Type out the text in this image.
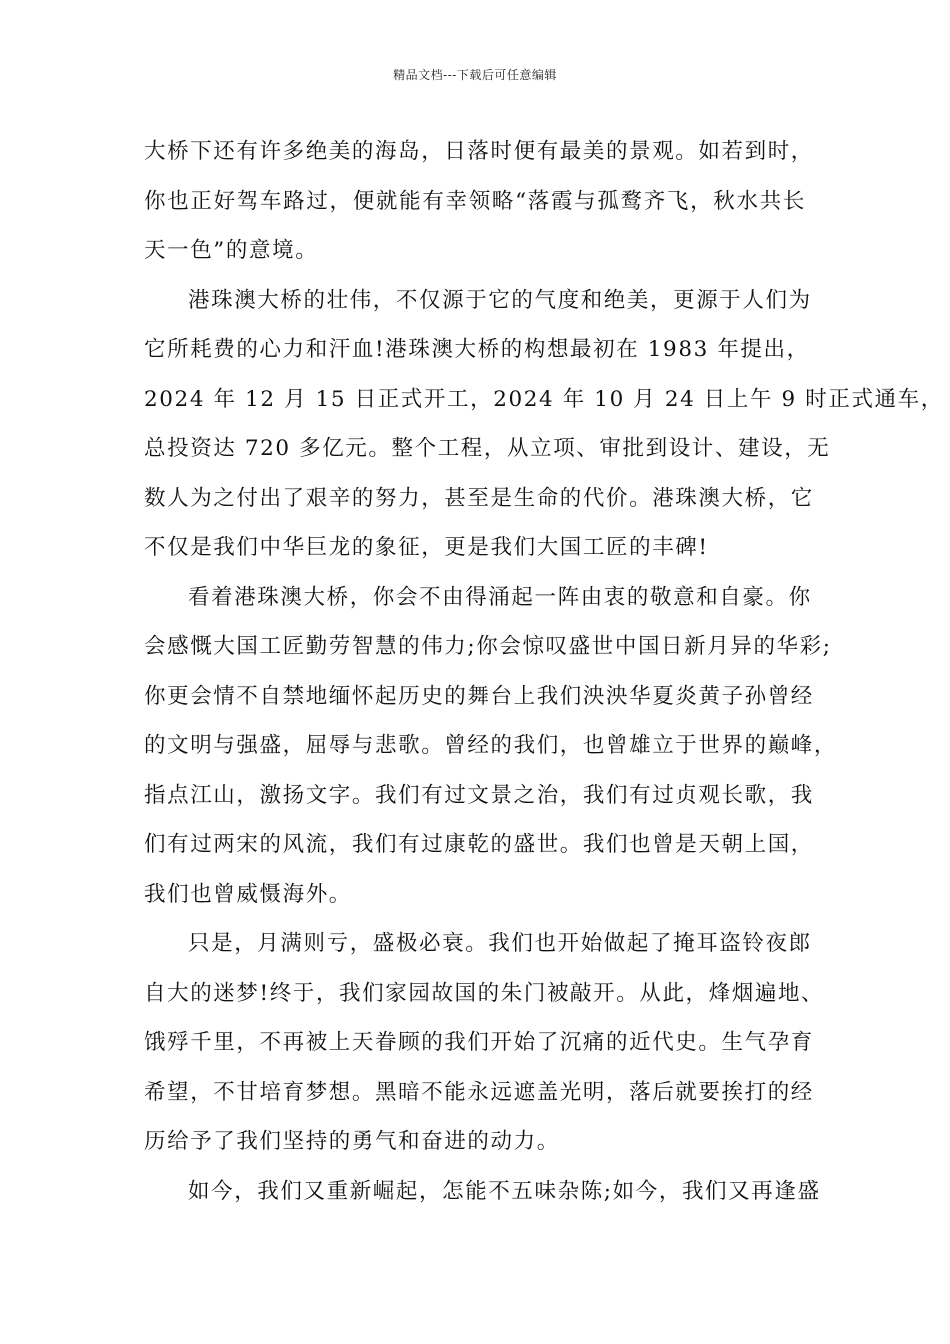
精品文档---下载后可任意编辑
大桥下还有许多绝美的海岛，日落时便有最美的景观。如若到时，
你也正好驾车路过，便就能有幸领略“落霞与孤鹜齐飞，秋水共长
天一色”的意境。
港珠澳大桥的壮伟，不仅源于它的气度和绝美，更源于人们为
它所耗费的心力和汗血!港珠澳大桥的构想最初在 1983 年提出，
2024 年 12 月 15 日正式开工，2024 年 10 月 24 日上午 9 时正式通车，
总投资达 720 多亿元。整个工程，从立项、审批到设计、建设，无
数人为之付出了艰辛的努力，甚至是生命的代价。港珠澳大桥，它
不仅是我们中华巨龙的象征，更是我们大国工匠的丰碑!
看着港珠澳大桥，你会不由得涌起一阵由衷的敬意和自豪。你
会感慨大国工匠勤劳智慧的伟力;你会惊叹盛世中国日新月异的华彩;
你更会情不自禁地缅怀起历史的舞台上我们泱泱华夏炎黄子孙曾经
的文明与强盛，屈辱与悲歌。曾经的我们，也曾雄立于世界的巅峰，
指点江山，激扬文字。我们有过文景之治，我们有过贞观长歌，我
们有过两宋的风流，我们有过康乾的盛世。我们也曾是天朝上国，
我们也曾威慑海外。
只是，月满则亏，盛极必衰。我们也开始做起了掩耳盗铃夜郎
自大的迷梦!终于，我们家园故国的朱门被敲开。从此，烽烟遍地、
饿殍千里，不再被上天眷顾的我们开始了沉痛的近代史。生气孕育
希望，不甘培育梦想。黑暗不能永远遮盖光明，落后就要挨打的经
历给予了我们坚持的勇气和奋进的动力。
如今，我们又重新崛起，怎能不五味杂陈;如今，我们又再逢盛
